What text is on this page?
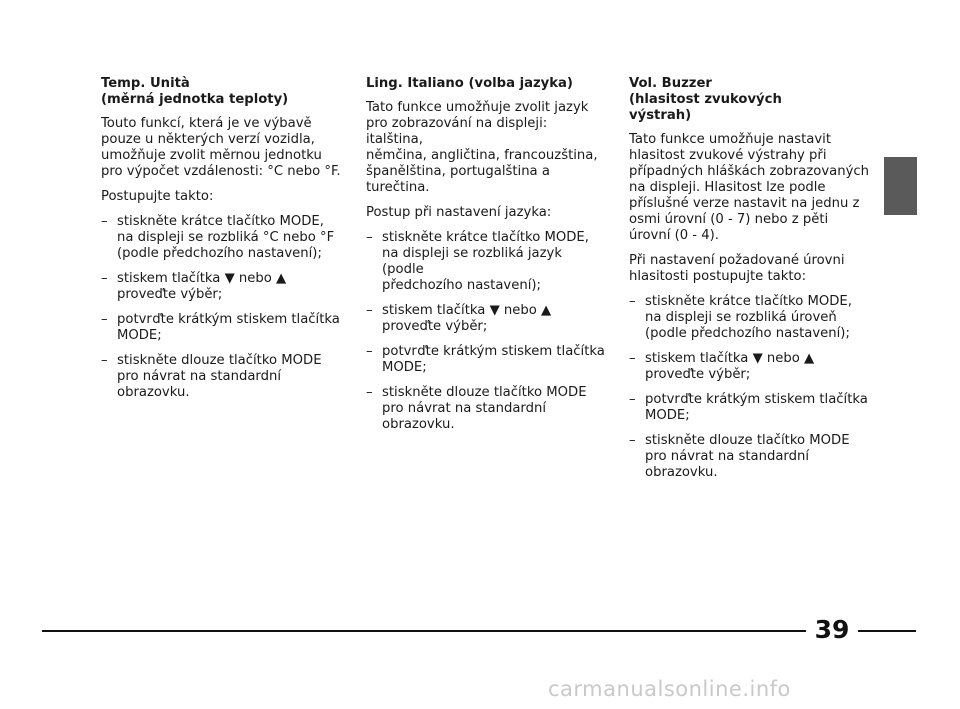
Temp. Unità
(měrná jednotka teploty)
Touto funkcí, která je ve výbavě
pouze u některých verzí vozidla,
umožňuje zvolit měrnou jednotku
pro výpočet vzdálenosti: °C nebo °F.
Postupujte takto:
– stiskněte krátce tlačítko MODE,
na displeji se rozbliká °C nebo °F
(podle předchozího nastavení);
– stiskem tlačítka ▼ nebo ▲
proveďte výběr;
– potvrďte krátkým stiskem tlačítka
MODE;
– stiskněte dlouze tlačítko MODE
pro návrat na standardní
obrazovku.
Ling. Italiano (volba jazyka)
Tato funkce umožňuje zvolit jazyk
pro zobrazování na displeji: italština,
němčina, angličtina, francouzština,
španělština, portugalština a turečtina.
Postup při nastavení jazyka:
– stiskněte krátce tlačítko MODE,
na displeji se rozbliká jazyk (podle
předchozího nastavení);
– stiskem tlačítka ▼ nebo ▲
proveďte výběr;
– potvrďte krátkým stiskem tlačítka
MODE;
– stiskněte dlouze tlačítko MODE
pro návrat na standardní
obrazovku.
Vol. Buzzer
(hlasitost zvukových
výstrah)
Tato funkce umožňuje nastavit
hlasitost zvukové výstrahy při
případných hláškách zobrazovaných
na displeji. Hlasitost lze podle
příslušné verze nastavit na jednu z
osmi úrovní (0 - 7) nebo z pěti
úrovní (0 - 4).
Při nastavení požadované úrovni
hlasitosti postupujte takto:
– stiskněte krátce tlačítko MODE,
na displeji se rozbliká úroveň
(podle předchozího nastavení);
– stiskem tlačítka ▼ nebo ▲
proveďte výběr;
– potvrďte krátkým stiskem tlačítka
MODE;
– stiskněte dlouze tlačítko MODE
pro návrat na standardní
obrazovku.
39
carmanualsonline.info
